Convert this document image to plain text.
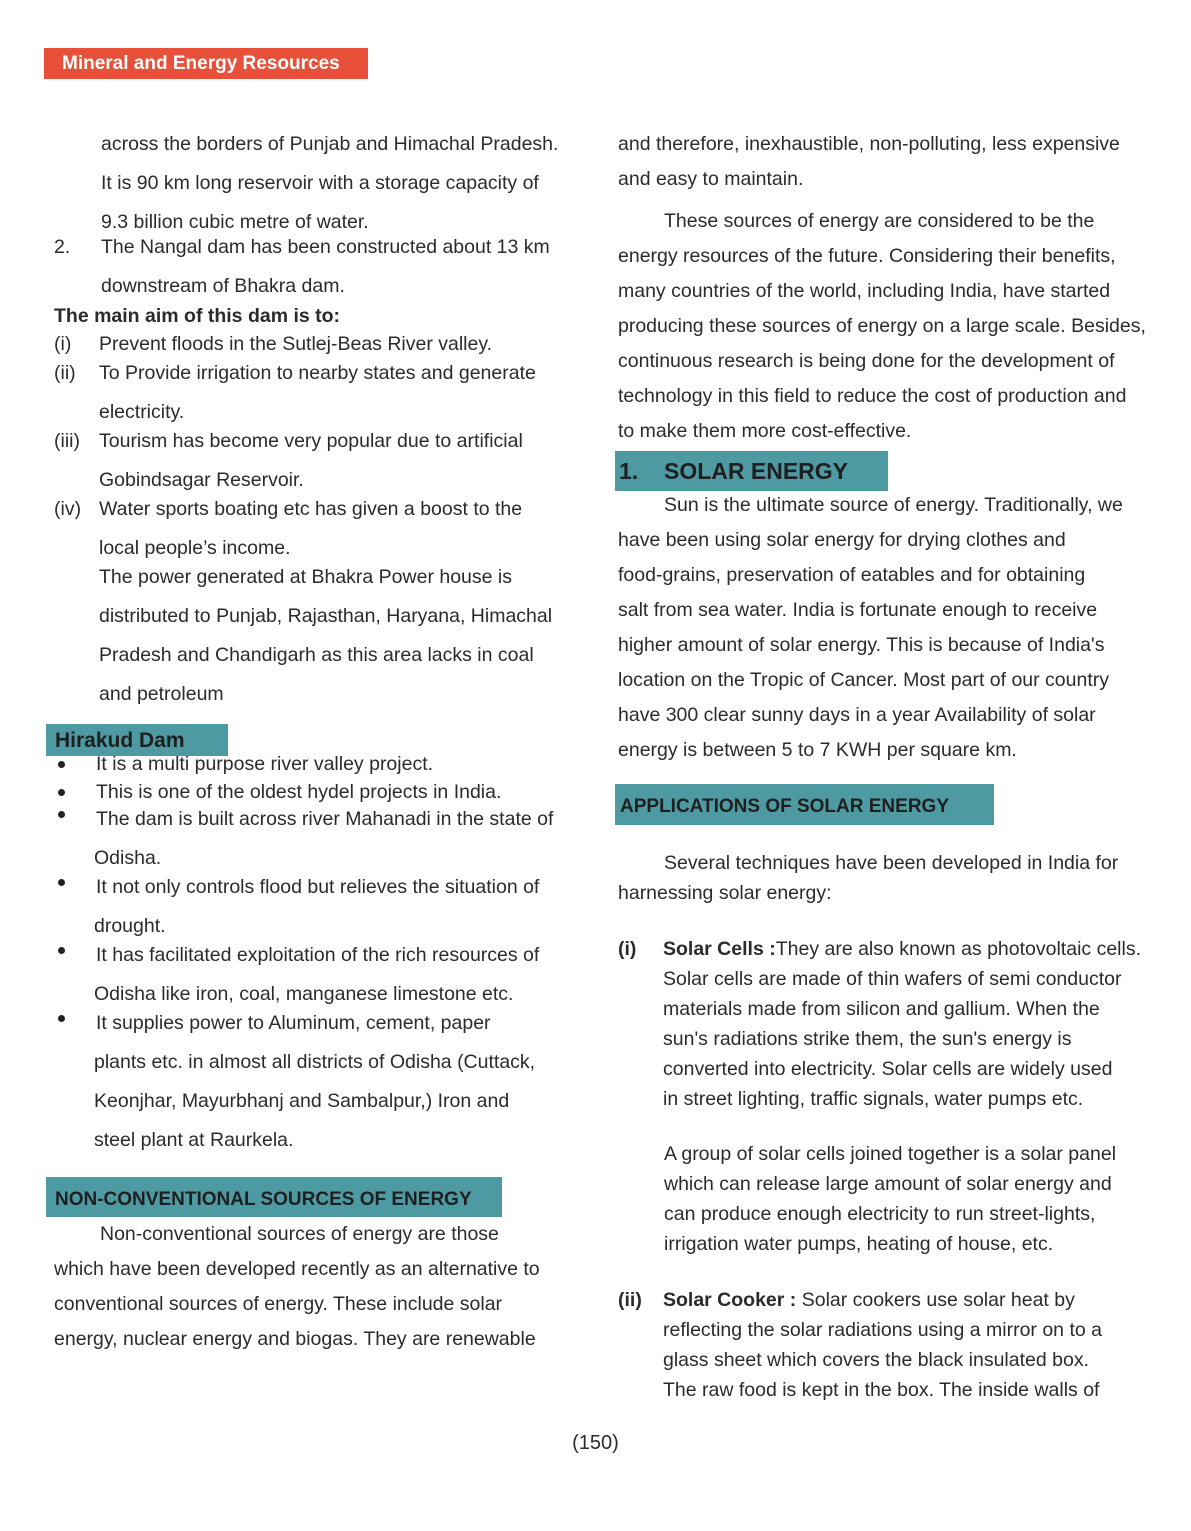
Mineral and Energy Resources

across the borders of Punjab and Himachal Pradesh.

It is 90 km long reservoir with a storage capacity of

9.3 billion cubic metre of water.

2.	The Nangal dam has been constructed about 13 km

downstream of Bhakra dam.

The main aim of this dam is to:

(i)	Prevent floods in the Sutlej-Beas River valley.

(ii)	To Provide irrigation to nearby states and generate

electricity.

(iii) Tourism has become very popular due to artificial

Gobindsagar Reservoir.

(iv) Water sports boating etc has given a boost to the

local people’s income.

The power generated at Bhakra Power house is

distributed to Punjab, Rajasthan, Haryana, Himachal

Pradesh and Chandigarh as this area lacks in coal

and petroleum

Hirakud Dam

It is a multi purpose river valley project.

This is one of the oldest hydel projects in India.

The dam is built across river Mahanadi in the state of

Odisha.

It not only controls flood but relieves the situation of

drought.

It has facilitated exploitation of the rich resources of

Odisha like iron, coal, manganese limestone etc.

It supplies power to Aluminum, cement, paper

plants etc. in almost all districts of Odisha (Cuttack,

Keonjhar, Mayurbhanj and Sambalpur,) Iron and

steel plant at Raurkela.

NON-CONVENTIONAL SOURCES OF ENERGY

Non-conventional sources of energy are those

which have been developed recently as an alternative to

conventional sources of energy. These include solar

energy, nuclear energy and biogas. They are renewable

and therefore, inexhaustible, non-polluting, less expensive

and easy to maintain.

These sources of energy are considered to be the

energy resources of the future. Considering their benefits,

many countries of the world, including India, have started

producing these sources of energy on a large scale. Besides,

continuous research is being done for the development of

technology in this field to reduce the cost of production and

to make them more cost-effective.

1.	SOLAR ENERGY

Sun is the ultimate source of energy. Traditionally, we

have been using solar energy for drying clothes and

food-grains, preservation of eatables and for obtaining

salt from sea water. India is fortunate enough to receive

higher amount of solar energy. This is because of India's

location on the Tropic of Cancer. Most part of our country

have 300 clear sunny days in a year Availability of solar

energy is between 5 to 7 KWH per square km.

APPLICATIONS OF SOLAR ENERGY

Several techniques have been developed in India for

harnessing solar energy:

(i)	Solar Cells :They are also known as photovoltaic cells.

Solar cells are made of thin wafers of semi conductor

materials made from silicon and gallium. When the

sun's radiations strike them, the sun's energy is

converted into electricity. Solar cells are widely used

in street lighting, traffic signals, water pumps etc.

A group of solar cells joined together is a solar panel

which can release large amount of solar energy and

can produce enough electricity to run street-lights,

irrigation water pumps, heating of house, etc.

(ii)	Solar Cooker : Solar cookers use solar heat by

reflecting the solar radiations using a mirror on to a

glass sheet which covers the black insulated box.

The raw food is kept in the box. The inside walls of

(150)
